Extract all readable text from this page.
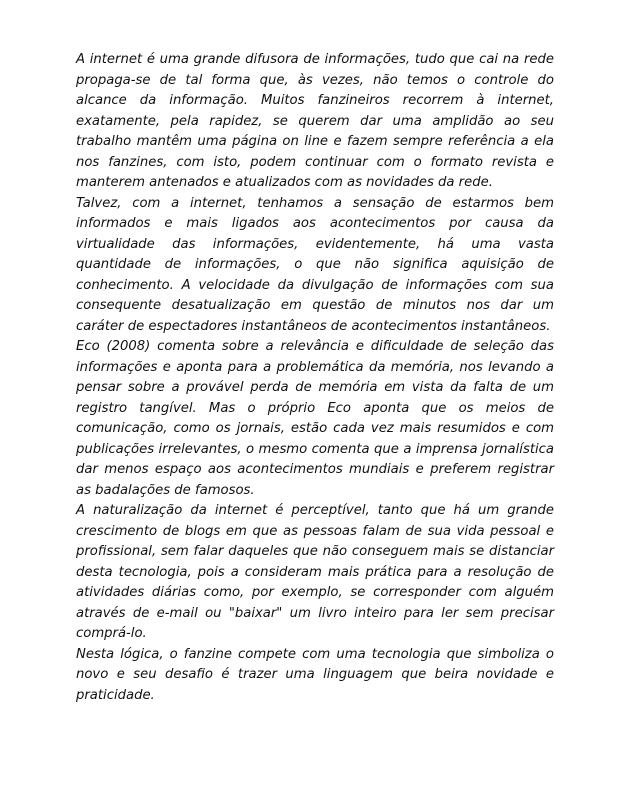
A internet é uma grande difusora de informações, tudo que cai na rede propaga-se de tal forma que, às vezes, não temos o controle do alcance da informação. Muitos fanzineiros recorrem à internet, exatamente, pela rapidez, se querem dar uma amplidão ao seu trabalho mantêm uma página on line e fazem sempre referência a ela nos fanzines, com isto, podem continuar com o formato revista e manterem antenados e atualizados com as novidades da rede.

Talvez, com a internet, tenhamos a sensação de estarmos bem informados e mais ligados aos acontecimentos por causa da virtualidade das informações, evidentemente, há uma vasta quantidade de informações, o que não significa aquisição de conhecimento. A velocidade da divulgação de informações com sua consequente desatualização em questão de minutos nos dar um caráter de espectadores instantâneos de acontecimentos instantâneos.

Eco (2008) comenta sobre a relevância e dificuldade de seleção das informações e aponta para a problemática da memória, nos levando a pensar sobre a provável perda de memória em vista da falta de um registro tangível. Mas o próprio Eco aponta que os meios de comunicação, como os jornais, estão cada vez mais resumidos e com publicações irrelevantes, o mesmo comenta que a imprensa jornalística dar menos espaço aos acontecimentos mundiais e preferem registrar as badalações de famosos.

A naturalização da internet é perceptível, tanto que há um grande crescimento de blogs em que as pessoas falam de sua vida pessoal e profissional, sem falar daqueles que não conseguem mais se distanciar desta tecnologia, pois a consideram mais prática para a resolução de atividades diárias como, por exemplo, se corresponder com alguém através de e-mail ou "baixar" um livro inteiro para ler sem precisar comprá-lo.

Nesta lógica, o fanzine compete com uma tecnologia que simboliza o novo e seu desafio é trazer uma linguagem que beira novidade e praticidade.
